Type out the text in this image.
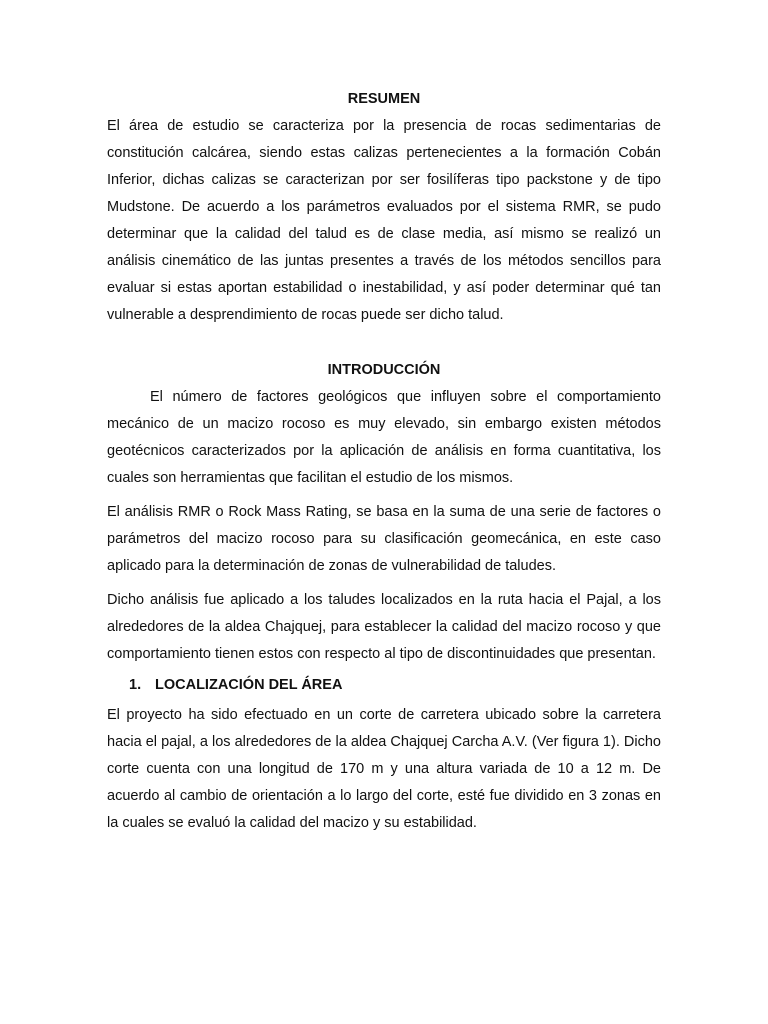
RESUMEN

El área de estudio se caracteriza por la presencia de rocas sedimentarias de constitución calcárea, siendo estas calizas pertenecientes a la formación Cobán Inferior, dichas calizas se caracterizan por ser fosilíferas tipo packstone y de tipo Mudstone. De acuerdo a los parámetros evaluados por el sistema RMR, se pudo determinar que la calidad del talud es de clase media, así mismo se realizó un análisis cinemático de las juntas presentes a través de los métodos sencillos para evaluar si estas aportan estabilidad o inestabilidad, y así poder determinar qué tan vulnerable a desprendimiento de rocas puede ser dicho talud.

INTRODUCCIÓN

El número de factores geológicos que influyen sobre el comportamiento mecánico de un macizo rocoso es muy elevado, sin embargo existen métodos geotécnicos caracterizados por la aplicación de análisis en forma cuantitativa, los cuales son herramientas que facilitan el estudio de los mismos.

El análisis RMR o Rock Mass Rating, se basa en la suma de una serie de factores o parámetros del macizo rocoso para su clasificación geomecánica, en este caso aplicado para la determinación de zonas de vulnerabilidad de taludes.

Dicho análisis fue aplicado a los taludes localizados en la ruta hacia el Pajal, a los alrededores de la aldea Chajquej, para establecer la calidad del macizo rocoso y que comportamiento tienen estos con respecto al tipo de discontinuidades que presentan.

1. LOCALIZACIÓN DEL ÁREA

El proyecto ha sido efectuado en un corte de carretera ubicado sobre la carretera hacia el pajal, a los alrededores de la aldea Chajquej Carcha A.V. (Ver figura 1). Dicho corte cuenta con una longitud de 170 m y una altura variada de 10 a 12 m. De acuerdo al cambio de orientación a lo largo del corte, esté fue dividido en 3 zonas en la cuales se evaluó la calidad del macizo y su estabilidad.
